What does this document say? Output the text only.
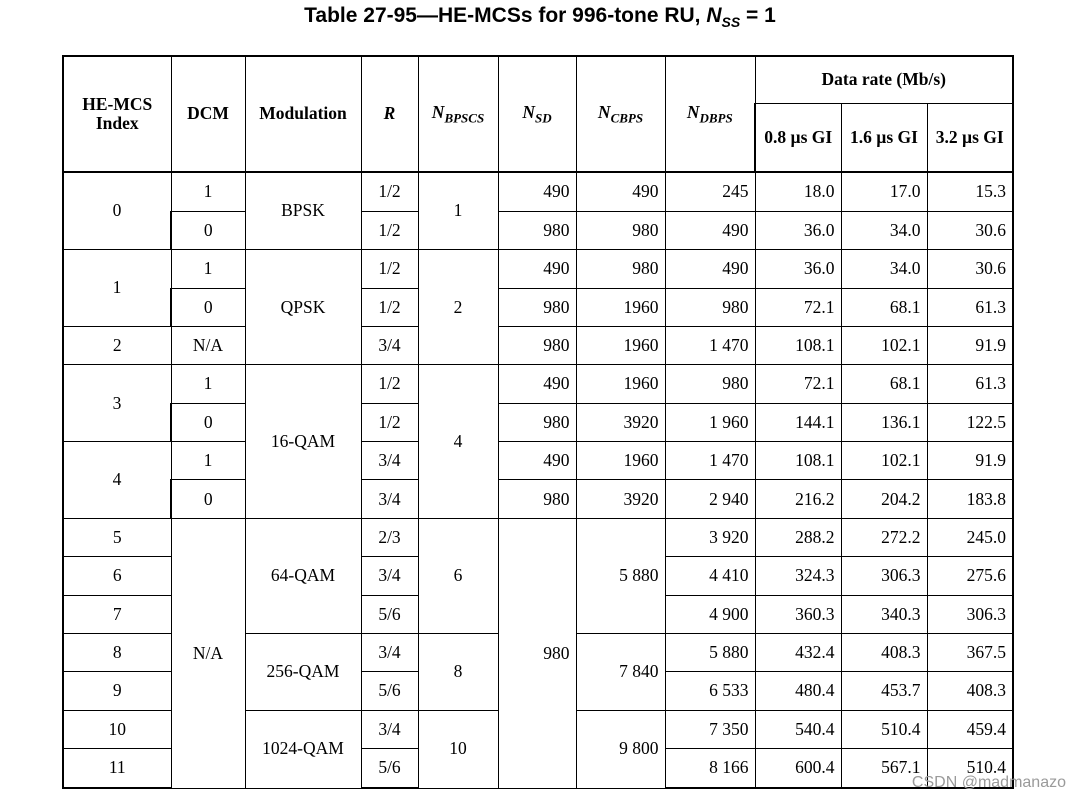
Table 27-95—HE-MCSs for 996-tone RU, $N_{SS} = 1$
HE-MCS Index	DCM	Modulation	R	$N_{BPSCS}$	$N_{SD}$	$N_{CBPS}$	$N_{DBPS}$	Data rate (Mb/s)		
								0.8 µs GI	1.6 µs GI	3.2 µs GI
0	1	BPSK	1/2	1	490	490	245	18.0	17.0	15.3
	0		1/2		980	980	490	36.0	34.0	30.6
1	1	QPSK	1/2	2	490	980	490	36.0	34.0	30.6
	0		1/2		980	1960	980	72.1	68.1	61.3
2	N/A		3/4		980	1960	1 470	108.1	102.1	91.9
3	1	16-QAM	1/2	4	490	1960	980	72.1	68.1	61.3
	0		1/2		980	3920	1 960	144.1	136.1	122.5
4	1		3/4		490	1960	1 470	108.1	102.1	91.9
	0		3/4		980	3920	2 940	216.2	204.2	183.8
5	N/A	64-QAM	2/3	6	980	5 880	3 920	288.2	272.2	245.0
6			3/4				4 410	324.3	306.3	275.6
7			5/6				4 900	360.3	340.3	306.3
8		256-QAM	3/4	8		7 840	5 880	432.4	408.3	367.5
9			5/6				6 533	480.4	453.7	408.3
10		1024-QAM	3/4	10		9 800	7 350	540.4	510.4	459.4
11			5/6				8 166	600.4	567.1	510.4
CSDN @madmanazo
